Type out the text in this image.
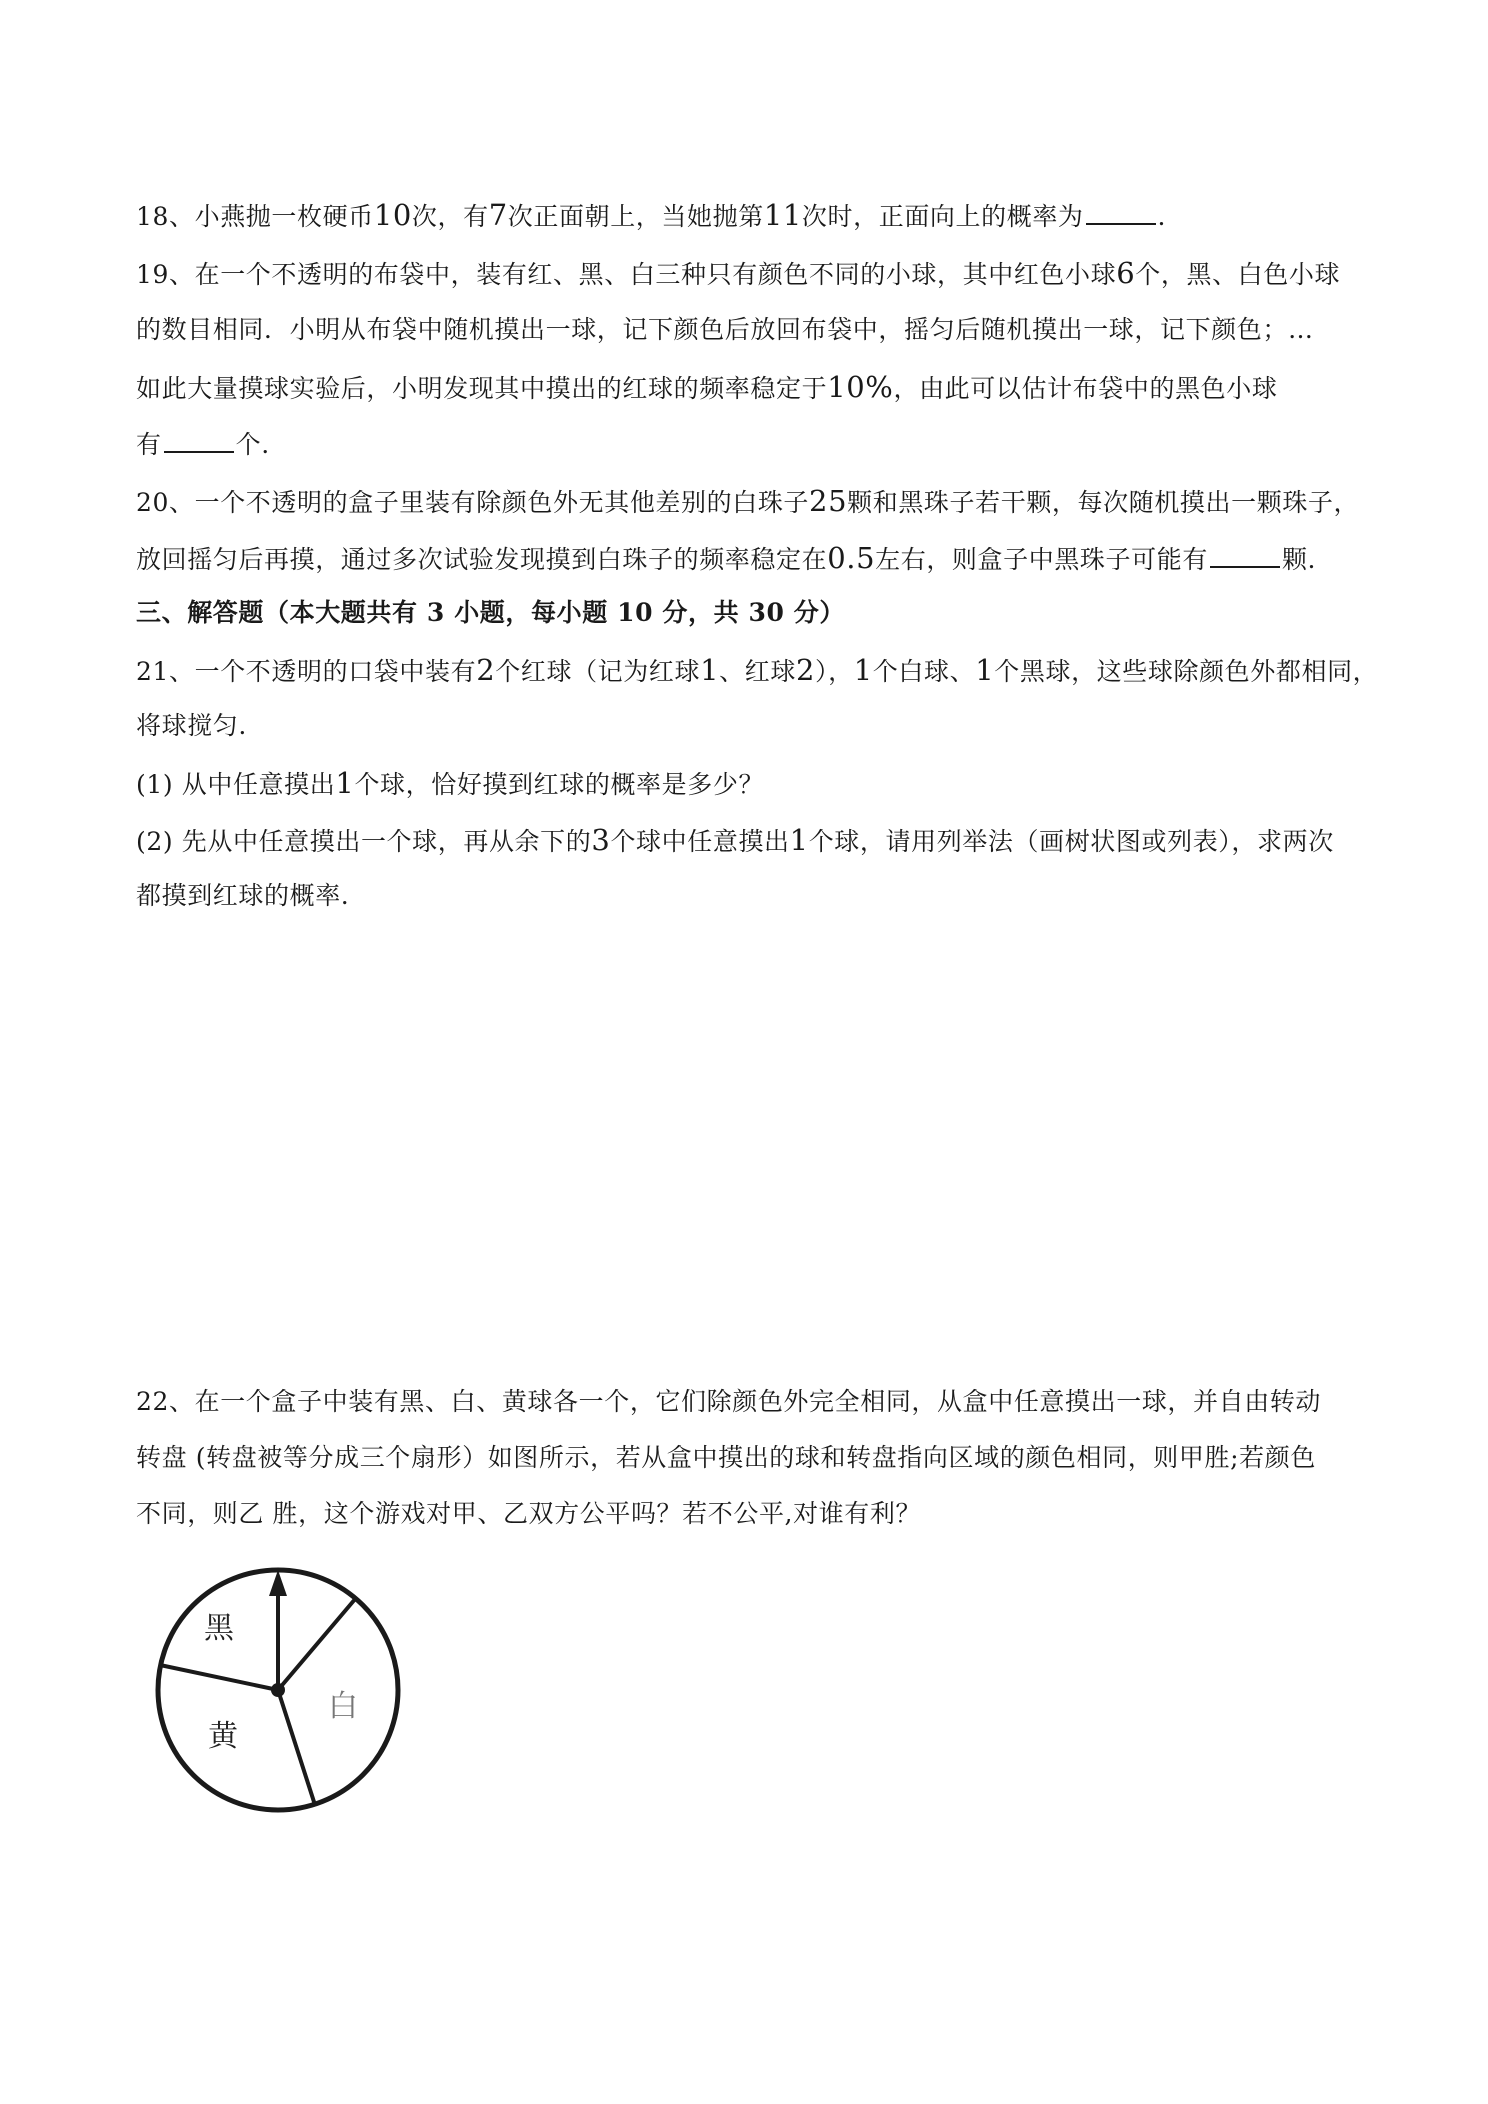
18、小燕抛一枚硬币10次，有7次正面朝上，当她抛第11次时，正面向上的概率为	.
19、在一个不透明的布袋中，装有红、黑、白三种只有颜色不同的小球，其中红色小球6个，黑、白色小球
的数目相同．小明从布袋中随机摸出一球，记下颜色后放回布袋中，摇匀后随机摸出一球，记下颜色；…
如此大量摸球实验后，小明发现其中摸出的红球的频率稳定于10%，由此可以估计布袋中的黑色小球
有	个.
20、一个不透明的盒子里装有除颜色外无其他差别的白珠子25颗和黑珠子若干颗，每次随机摸出一颗珠子，
放回摇匀后再摸，通过多次试验发现摸到白珠子的频率稳定在0.5左右，则盒子中黑珠子可能有	颗.
三、解答题（本大题共有 3 小题，每小题 10 分，共 30 分）
21、一个不透明的口袋中装有2个红球（记为红球1、红球2），1个白球、1个黑球，这些球除颜色外都相同，
将球搅匀.
(1) 从中任意摸出1个球，恰好摸到红球的概率是多少？
(2) 先从中任意摸出一个球，再从余下的3个球中任意摸出1个球，请用列举法（画树状图或列表），求两次
都摸到红球的概率.
22、在一个盒子中装有黑、白、黄球各一个，它们除颜色外完全相同，从盒中任意摸出一球，并自由转动
转盘 (转盘被等分成三个扇形）如图所示，若从盒中摸出的球和转盘指向区域的颜色相同，则甲胜;若颜色
不同，则乙 胜，这个游戏对甲、乙双方公平吗？若不公平,对谁有利？
黑
白
黄
